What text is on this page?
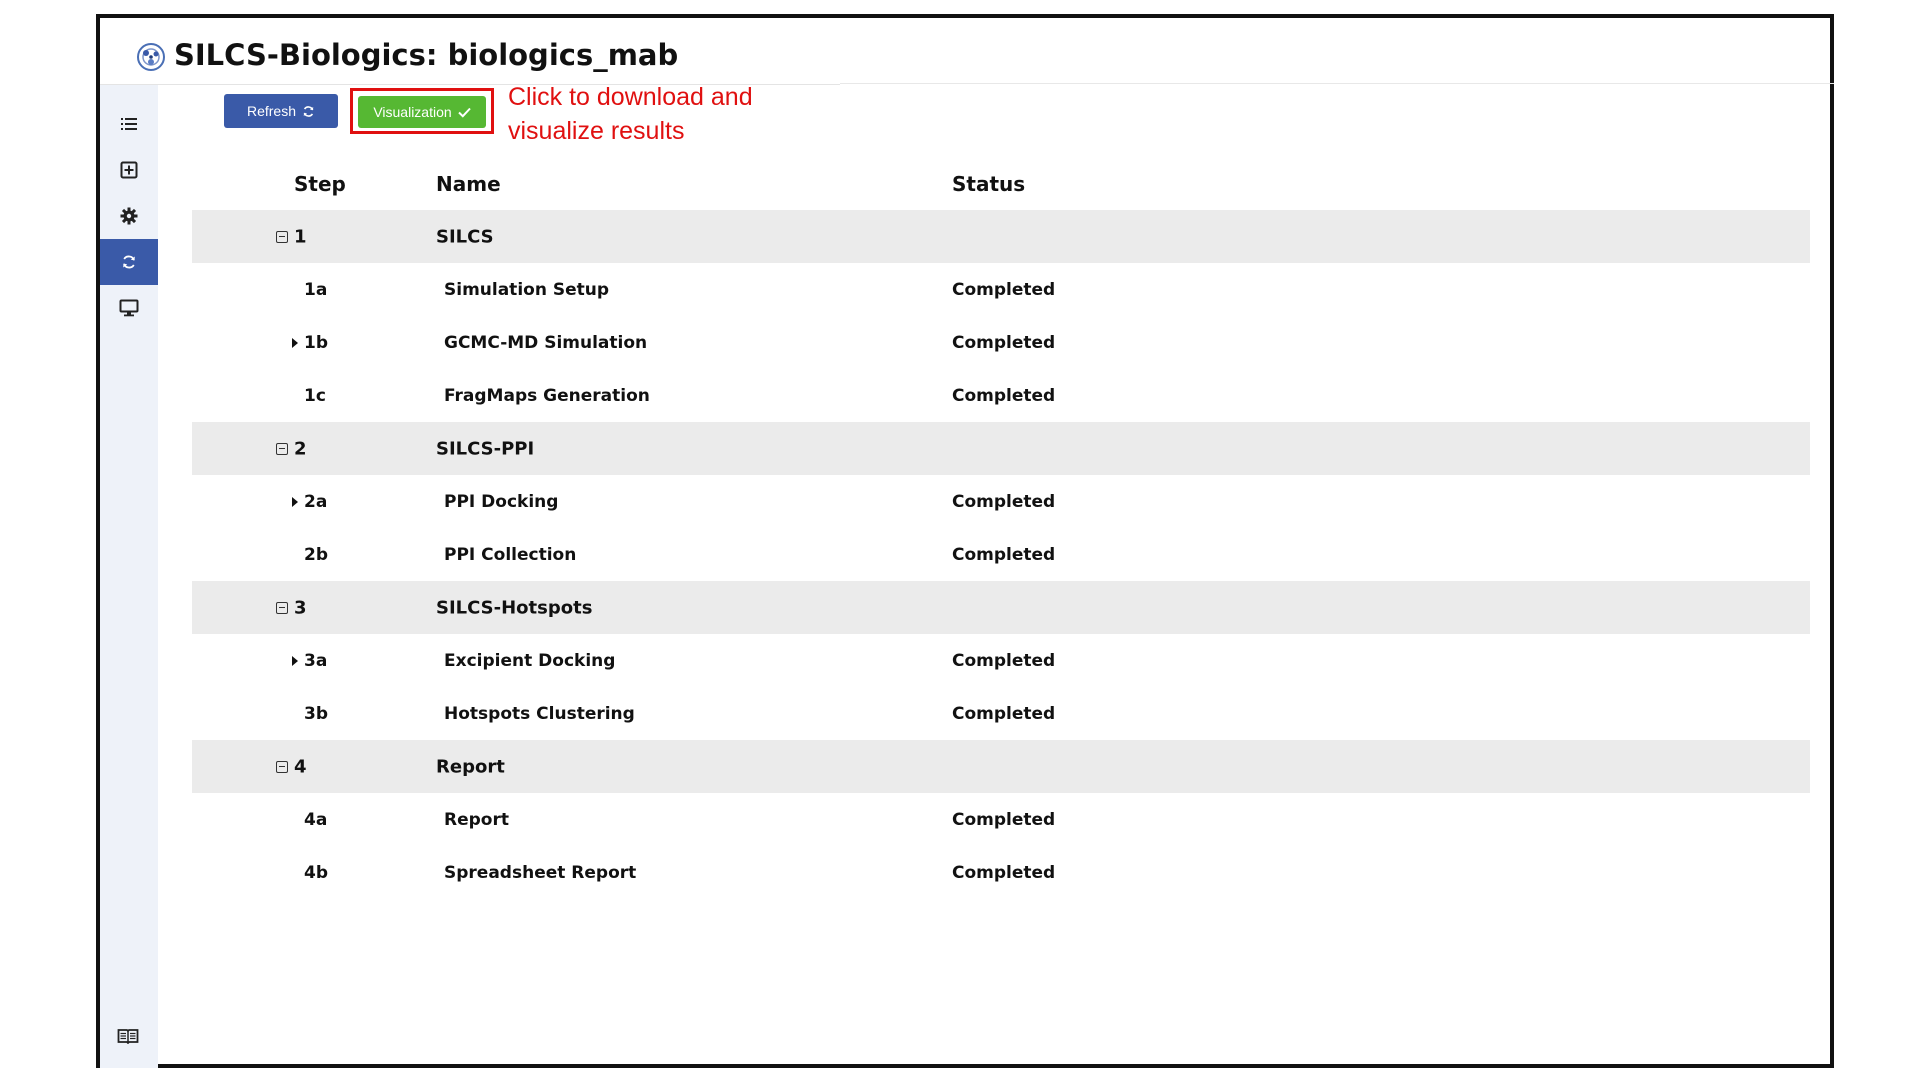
SILCS-Biologics: biologics_mab
Refresh	Visualization
Click to download and visualize results
Step	Name	Status
1	SILCS
1a	Simulation Setup	Completed
1b	GCMC-MD Simulation	Completed
1c	FragMaps Generation	Completed
2	SILCS-PPI
2a	PPI Docking	Completed
2b	PPI Collection	Completed
3	SILCS-Hotspots
3a	Excipient Docking	Completed
3b	Hotspots Clustering	Completed
4	Report
4a	Report	Completed
4b	Spreadsheet Report	Completed
